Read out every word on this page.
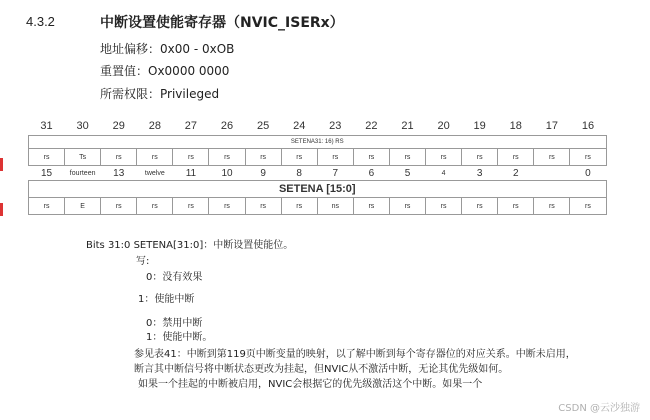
4.3.2	中断设置使能寄存器（NVIC_ISERx）
地址偏移：0x00 - 0xOB
重置值：Ox0000 0000
所需权限：Privileged
31	30	29	28	27	26	25	24	23	22	21	20	19	18	17	16
SETENA31: 16) RS															
rs	Ts	rs	rs	rs	rs	rs	rs	rs	rs	rs	rs	rs	rs	rs	rs
15	fourteen	13	twelve	11	10	9	8	7	6	5	4	3	2		0
SETENA [15:0]															
rs	E	rs	rs	rs	rs	rs	rs	ns	rs	rs	rs	rs	rs	rs	rs
Bits 31:0 SETENA[31:0]：中断设置使能位。
写:
0：没有效果
1：使能中断
0：禁用中断
1：使能中断。
参见表41：中断到第119页中断变量的映射，以了解中断到每个寄存器位的对应关系。中断未启用，
断言其中断信号将中断状态更改为挂起，但NVIC从不激活中断，无论其优先级如何。
如果一个挂起的中断被启用，NVIC会根据它的优先级激活这个中断。如果一个
CSDN @云沙独游
